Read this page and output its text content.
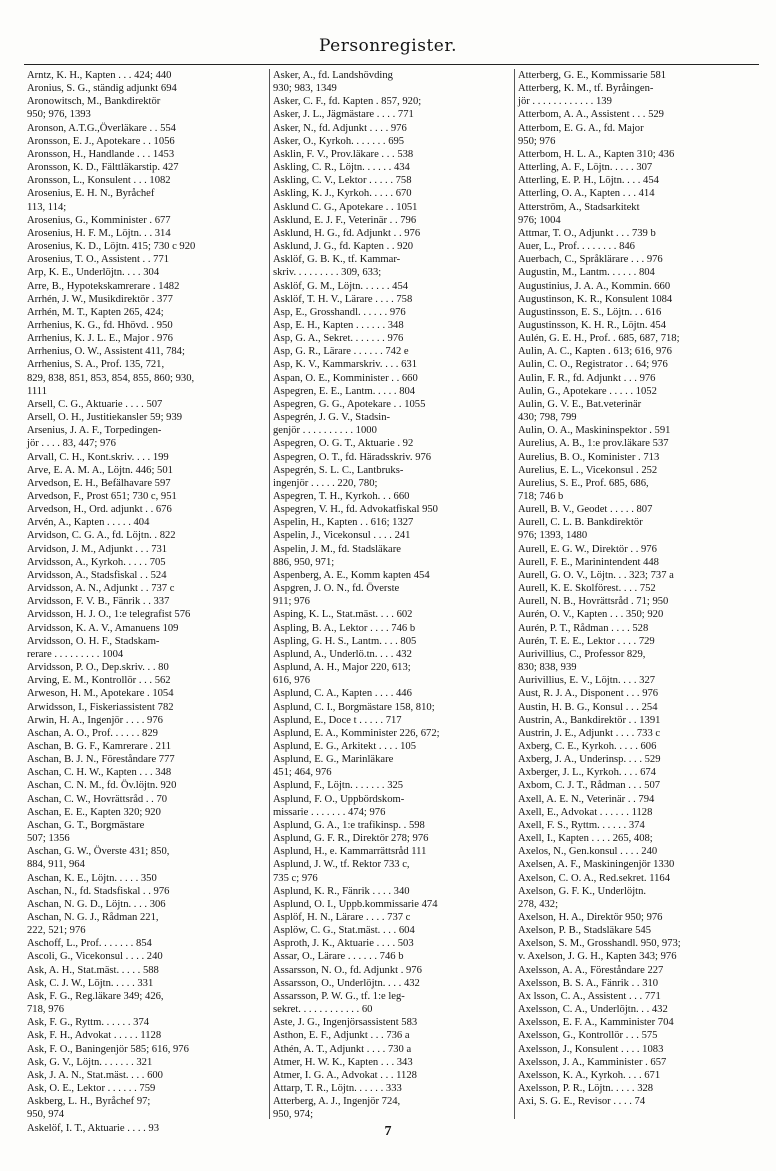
Personregister.
Arntz, K. H., Kapten . . . 424; 440
Aronius, S. G., ständig adjunkt 694
Aronowitsch, M., Bankdirektör
950; 976, 1393
Aronson, A.T.G.,Överläkare . . 554
Aronsson, E. J., Apotekare . . 1056
Aronsson, H., Handlande . . . 1453
Aronsson, K. D., Fälttläkarstip. 427
Aronsson, L., Konsulent . . . 1082
Arosenius, E. H. N., Byråchef
113, 114;
Arosenius, G., Komminister . 677
Arosenius, H. F. M., Löjtn. . . 314
Arosenius, K. D., Löjtn. 415; 730 c 920
Arosenius, T. O., Assistent . . 771
Arp, K. E., Underlöjtn. . . . 304
Arre, B., Hypotekskamrerare . 1482
Arrhén, J. W., Musikdirektör . 377
Arrhén, M. T., Kapten 265, 424;
Arrhenius, K. G., fd. Hhövd. . 950
Arrhenius, K. J. L. E., Major . 976
Arrhenius, O. W., Assistent 411, 784;
Arrhenius, S. A., Prof. 135, 721,
829, 838, 851, 853, 854, 855, 860; 930,
1111
Arsell, C. G., Aktuarie . . . . 507
Arsell, O. H., Justitiekansler 59; 939
Arsenius, J. A. F., Torpedingen-
jör . . . . 83, 447; 976
Arvall, C. H., Kont.skriv. . . . 199
Arve, E. A. M. A., Löjtn. 446; 501
Arvedson, E. H., Befälhavare 597
Arvedson, F., Prost 651; 730 c, 951
Arvedson, H., Ord. adjunkt . . 676
Arvén, A., Kapten . . . . . 404
Arvidson, C. G. A., fd. Löjtn. . 822
Arvidson, J. M., Adjunkt . . . 731
Arvidsson, A., Kyrkoh. . . . . 705
Arvidsson, A., Stadsfiskal . . 524
Arvidsson, A. N., Adjunkt . . 737 c
Arvidsson, F. V. B., Fänrik . . 337
Arvidsson, H. J. O., 1:e telegrafist 576
Arvidsson, K. A. V., Amanuens 109
Arvidsson, O. H. F., Stadskam-
rerare . . . . . . . . . 1004
Arvidsson, P. O., Dep.skriv. . . 80
Arving, E. M., Kontrollör . . . 562
Arweson, H. M., Apotekare . 1054
Arwidsson, I., Fiskeriassistent 782
Arwin, H. A., Ingenjör . . . . 976
Aschan, A. O., Prof. . . . . . 829
Aschan, B. G. F., Kamrerare . 211
Aschan, B. J. N., Föreståndare 777
Aschan, C. H. W., Kapten . . . 348
Aschan, C. N. M., fd. Öv.löjtn. 920
Aschan, C. W., Hovrättsråd . . 70
Aschan, E. E., Kapten 320; 920
Aschan, G. T., Borgmästare
507; 1356
Aschan, G. W., Överste 431; 850,
884, 911, 964
Aschan, K. E., Löjtn. . . . . 350
Aschan, N., fd. Stadsfiskal . . 976
Aschan, N. G. D., Löjtn. . . . 306
Aschan, N. G. J., Rådman 221,
222, 521; 976
Aschoff, L., Prof. . . . . . . 854
Ascoli, G., Vicekonsul . . . . 240
Ask, A. H., Stat.mäst. . . . . 588
Ask, C. J. W., Löjtn. . . . . 331
Ask, F. G., Reg.läkare 349; 426,
718, 976
Ask, F. G., Ryttm. . . . . . 374
Ask, F. H., Advokat . . . . . 1128
Ask, F. O., Baningenjör 585; 616, 976
Ask, G. V., Löjtn. . . . . . . 321
Ask, J. A. N., Stat.mäst. . . . 600
Ask, O. E., Lektor . . . . . . 759
Askberg, L. H., Byråchef 97;
950, 974
Askelöf, I. T., Aktuarie . . . . 93
Asker, A., fd. Landshövding
930; 983, 1349
Asker, C. F., fd. Kapten . 857, 920;
Asker, J. L., Jägmästare . . . . 771
Asker, N., fd. Adjunkt . . . . 976
Asker, O., Kyrkoh. . . . . . . 695
Asklin, F. V., Prov.läkare . . . 538
Askling, C. R., Löjtn. . . . . . 434
Askling, C. V., Lektor . . . . . 758
Askling, K. J., Kyrkoh. . . . . 670
Asklund C. G., Apotekare . . 1051
Asklund, E. J. F., Veterinär . . 796
Asklund, H. G., fd. Adjunkt . . 976
Asklund, J. G., fd. Kapten . . 920
Asklöf, G. B. K., tf. Kammar-
skriv. . . . . . . . . 309, 633;
Asklöf, G. M., Löjtn. . . . . . 454
Asklöf, T. H. V., Lärare . . . . 758
Asp, E., Grosshandl. . . . . . 976
Asp, E. H., Kapten . . . . . . 348
Asp, G. A., Sekret. . . . . . . 976
Asp, G. R., Lärare . . . . . . 742 e
Asp, K. V., Kammarskriv. . . . 631
Aspan, O. E., Komminister . . 660
Aspegren, E. E., Lantm. . . . . 804
Aspegren, G. G., Apotekare . . 1055
Aspegrén, J. G. V., Stadsin-
genjör . . . . . . . . . . 1000
Aspegren, O. G. T., Aktuarie . 92
Aspegren, O. T., fd. Häradsskriv. 976
Aspegrén, S. L. C., Lantbruks-
ingenjör . . . . . 220, 780;
Aspegren, T. H., Kyrkoh. . . 660
Aspegren, V. H., fd. Advokatfiskal 950
Aspelin, H., Kapten . . 616; 1327
Aspelin, J., Vicekonsul . . . . 241
Aspelin, J. M., fd. Stadsläkare
886, 950, 971;
Aspenberg, A. E., Komm kapten 454
Aspgren, J. O. N., fd. Överste
911; 976
Asping, K. L., Stat.mäst. . . . 602
Aspling, B. A., Lektor . . . . 746 b
Aspling, G. H. S., Lantm. . . . 805
Asplund, A., Underlö.tn. . . . 432
Asplund, A. H., Major 220, 613;
616, 976
Asplund, C. A., Kapten . . . . 446
Asplund, C. I., Borgmästare 158, 810;
Asplund, E., Doce t . . . . . 717
Asplund, E. A., Komminister 226, 672;
Asplund, E. G., Arkitekt . . . . 105
Asplund, E. G., Marinläkare
451; 464, 976
Asplund, F., Löjtn. . . . . . . 325
Asplund, F. O., Uppbördskom-
missarie . . . . . . . 474; 976
Asplund, G. A., 1:e trafikinsp. . 598
Asplund, G. F. R., Direktör 278; 976
Asplund, H., e. Kammarrättsråd 111
Asplund, J. W., tf. Rektor 733 c,
735 c; 976
Asplund, K. R., Fänrik . . . . 340
Asplund, O. I., Uppb.kommissarie 474
Asplöf, H. N., Lärare . . . . 737 c
Asplöw, C. G., Stat.mäst. . . . 604
Asproth, J. K., Aktuarie . . . . 503
Assar, O., Lärare . . . . . . 746 b
Assarsson, N. O., fd. Adjunkt . 976
Assarsson, O., Underlöjtn. . . . 432
Assarsson, P. W. G., tf. 1:e leg-
sekret. . . . . . . . . . . . 60
Aste, J. G., Ingenjörsassistent 583
Asthon, E. F., Adjunkt . . . 736 a
Athén, A. T., Adjunkt . . . . 730 a
Atmer, H. W. K., Kapten . . . 343
Atmer, I. G. A., Advokat . . . 1128
Attarp, T. R., Löjtn. . . . . . 333
Atterberg, A. J., Ingenjör 724,
950, 974;
Atterberg, G. E., Kommissarie 581
Atterberg, K. M., tf. Byråingen-
jör . . . . . . . . . . . . 139
Atterbom, A. A., Assistent . . . 529
Atterbom, E. G. A., fd. Major
950; 976
Atterbom, H. L. A., Kapten 310; 436
Atterling, A. F., Löjtn. . . . . 307
Atterling, E. P. H., Löjtn. . . . 454
Atterling, O. A., Kapten . . . 414
Atterström, A., Stadsarkitekt
976; 1004
Attmar, T. O., Adjunkt . . . 739 b
Auer, L., Prof. . . . . . . . 846
Auerbach, C., Språklärare . . . 976
Augustin, M., Lantm. . . . . . 804
Augustinius, J. A. A., Kommin. 660
Augustinson, K. R., Konsulent 1084
Augustinsson, E. S., Löjtn. . . 616
Augustinsson, K. H. R., Löjtn. 454
Aulén, G. E. H., Prof. . 685, 687, 718;
Aulin, A. C., Kapten . 613; 616, 976
Aulin, C. O., Registrator . . 64; 976
Aulin, F. R., fd. Adjunkt . . . 976
Aulin, G., Apotekare . . . . . 1052
Aulin, G. V. E., Bat.veterinär
430; 798, 799
Aulin, O. A., Maskininspektor . 591
Aurelius, A. B., 1:e prov.läkare 537
Aurelius, B. O., Kominister . 713
Aurelius, E. L., Vicekonsul . 252
Aurelius, S. E., Prof. 685, 686,
718; 746 b
Aurell, B. V., Geodet . . . . . 807
Aurell, C. L. B. Bankdirektör
976; 1393, 1480
Aurell, E. G. W., Direktör . . 976
Aurell, F. E., Marinintendent 448
Aurell, G. O. V., Löjtn. . . 323; 737 a
Aurell, K. E. Skolförest. . . . 752
Aurell, N. B., Hovrättsråd . 71; 950
Aurén, O. V., Kapten . . . 350; 920
Aurén, P. T., Rådman . . . . 528
Aurén, T. E. E., Lektor . . . . 729
Aurivillius, C., Professor 829,
830; 838, 939
Aurivillius, E. V., Löjtn. . . . 327
Aust, R. J. A., Disponent . . . 976
Austin, H. B. G., Konsul . . . 254
Austrin, A., Bankdirektör . . 1391
Austrin, J. E., Adjunkt . . . . 733 c
Axberg, C. E., Kyrkoh. . . . . 606
Axberg, J. A., Underinsp. . . . 529
Axberger, J. L., Kyrkoh. . . . 674
Axbom, C. J. T., Rådman . . . 507
Axell, A. E. N., Veterinär . . 794
Axell, E., Advokat . . . . . . 1128
Axell, F. S., Ryttm. . . . . . 374
Axell, I., Kapten . . . . 265, 408;
Axelos, N., Gen.konsul . . . . 240
Axelsen, A. F., Maskiningenjör 1330
Axelson, C. O. A., Red.sekret. 1164
Axelson, G. F. K., Underlöjtn.
278, 432;
Axelson, H. A., Direktör 950; 976
Axelson, P. B., Stadsläkare 545
Axelson, S. M., Grosshandl. 950, 973;
v. Axelson, J. G. H., Kapten 343; 976
Axelsson, A. A., Föreståndare 227
Axelsson, B. S. A., Fänrik . . 310
Ax lsson, C. A., Assistent . . . 771
Axelsson, C. A., Underlöjtn. . . 432
Axelsson, E. F. A., Kamminister 704
Axelsson, G., Kontrollör . . . 575
Axelsson, J., Konsulent . . . . 1083
Axelsson, J. A., Kamminister . 657
Axelsson, K. A., Kyrkoh. . . . 671
Axelsson, P. R., Löjtn. . . . . 328
Axi, S. G. E., Revisor . . . . 74
7
